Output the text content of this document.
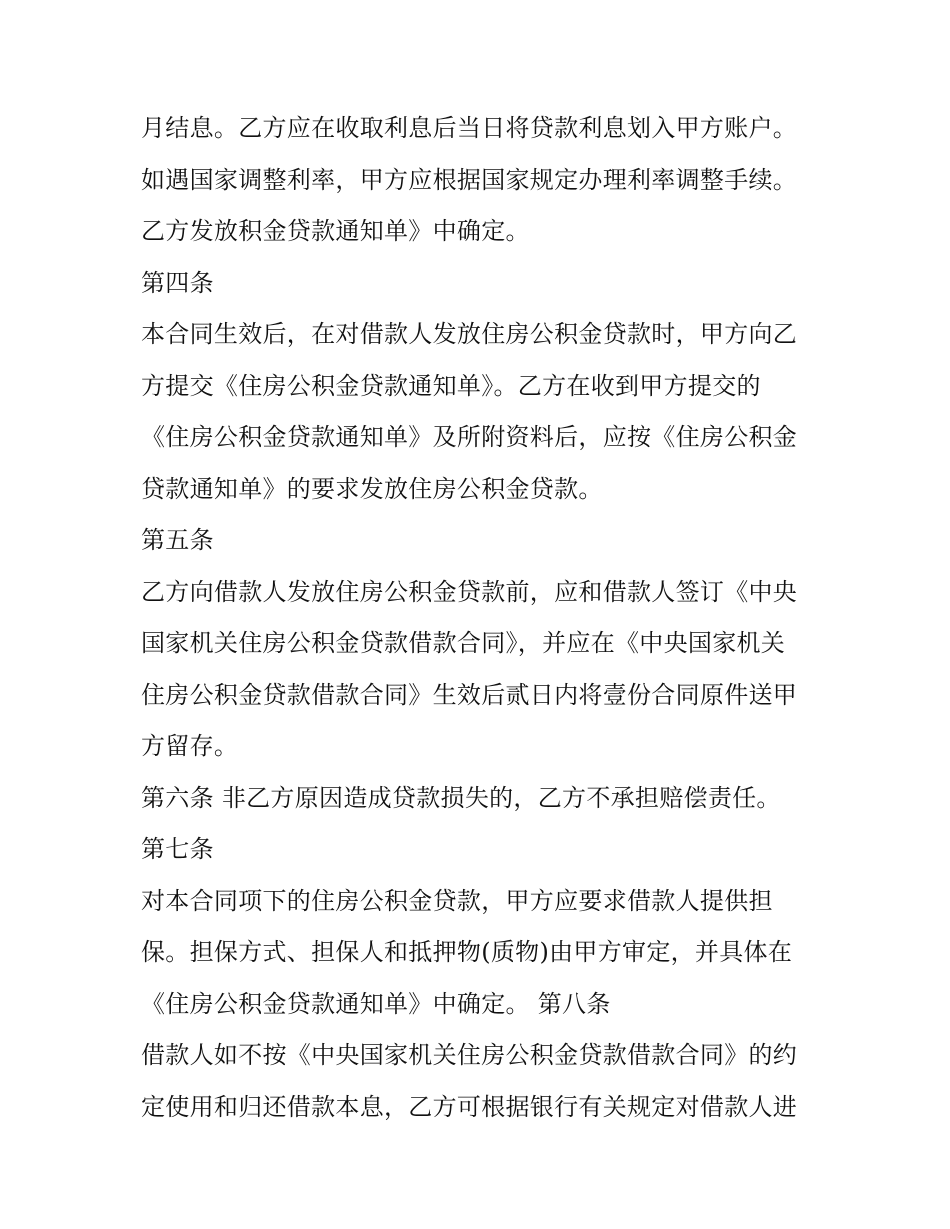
月结息。乙方应在收取利息后当日将贷款利息划入甲方账户。
如遇国家调整利率，甲方应根据国家规定办理利率调整手续。
乙方发放积金贷款通知单》中确定。
第四条
本合同生效后，在对借款人发放住房公积金贷款时，甲方向乙
方提交《住房公积金贷款通知单》。乙方在收到甲方提交的
《住房公积金贷款通知单》及所附资料后，应按《住房公积金
贷款通知单》的要求发放住房公积金贷款。
第五条
乙方向借款人发放住房公积金贷款前，应和借款人签订《中央
国家机关住房公积金贷款借款合同》，并应在《中央国家机关
住房公积金贷款借款合同》生效后贰日内将壹份合同原件送甲
方留存。
第六条 非乙方原因造成贷款损失的，乙方不承担赔偿责任。
第七条
对本合同项下的住房公积金贷款，甲方应要求借款人提供担
保。担保方式、担保人和抵押物(质物)由甲方审定，并具体在
《住房公积金贷款通知单》中确定。 第八条
借款人如不按《中央国家机关住房公积金贷款借款合同》的约
定使用和归还借款本息，乙方可根据银行有关规定对借款人进
